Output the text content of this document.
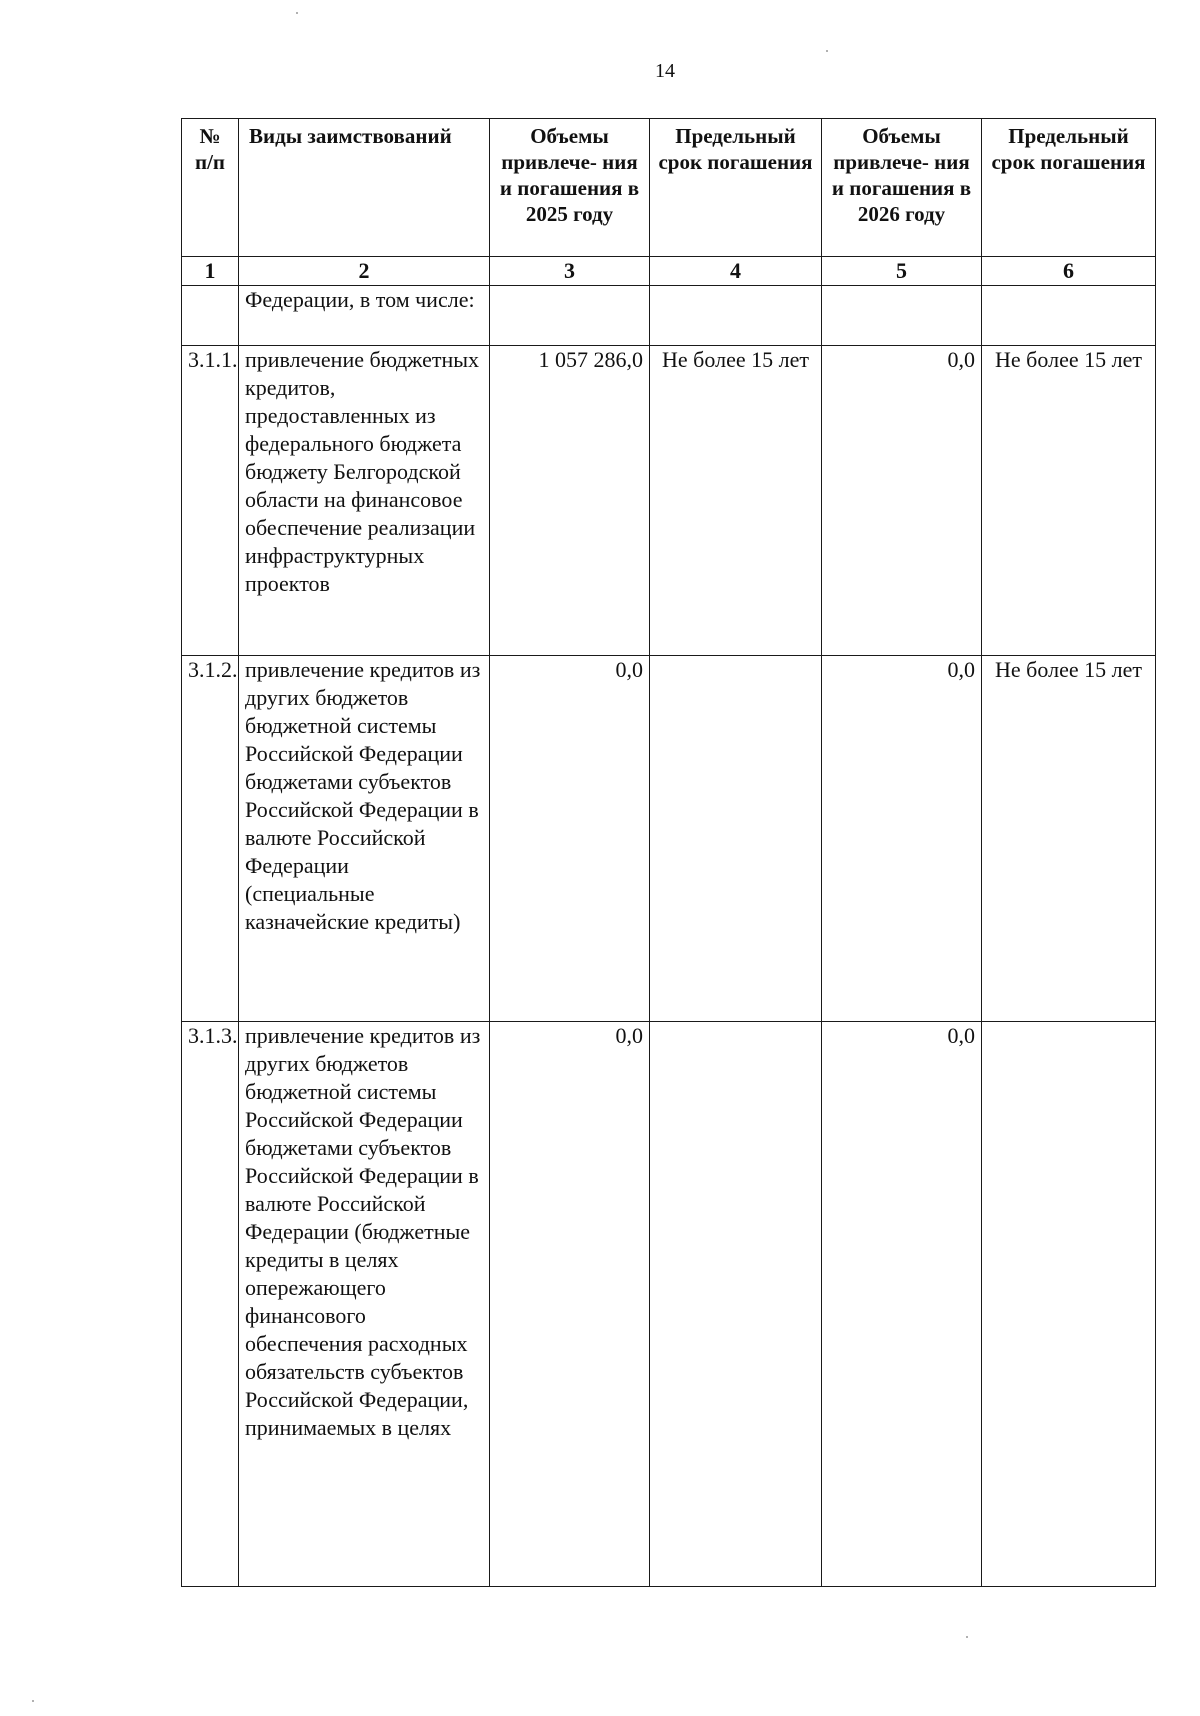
14
№ п/п	Виды заимствований	Объемы привлече- ния и погашения в 2025 году	Предельный срок погашения	Объемы привлече- ния и погашения в 2026 году	Предельный срок погашения
1	2	3	4	5	6
	Федерации, в том числе:				
3.1.1.	привлечение бюджетных кредитов, предоставленных из федерального бюджета бюджету Белгородской области на финансовое обеспечение реализации инфраструктурных проектов	1 057 286,0	Не более 15 лет	0,0	Не более 15 лет
3.1.2.	привлечение кредитов из других бюджетов бюджетной системы Российской Федерации бюджетами субъектов Российской Федерации в валюте Российской Федерации (специальные казначейские кредиты)	0,0		0,0	Не более 15 лет
3.1.3.	привлечение кредитов из других бюджетов бюджетной системы Российской Федерации бюджетами субъектов Российской Федерации в валюте Российской Федерации (бюджетные кредиты в целях опережающего финансового обеспечения расходных обязательств субъектов Российской Федерации, принимаемых в целях	0,0		0,0	
